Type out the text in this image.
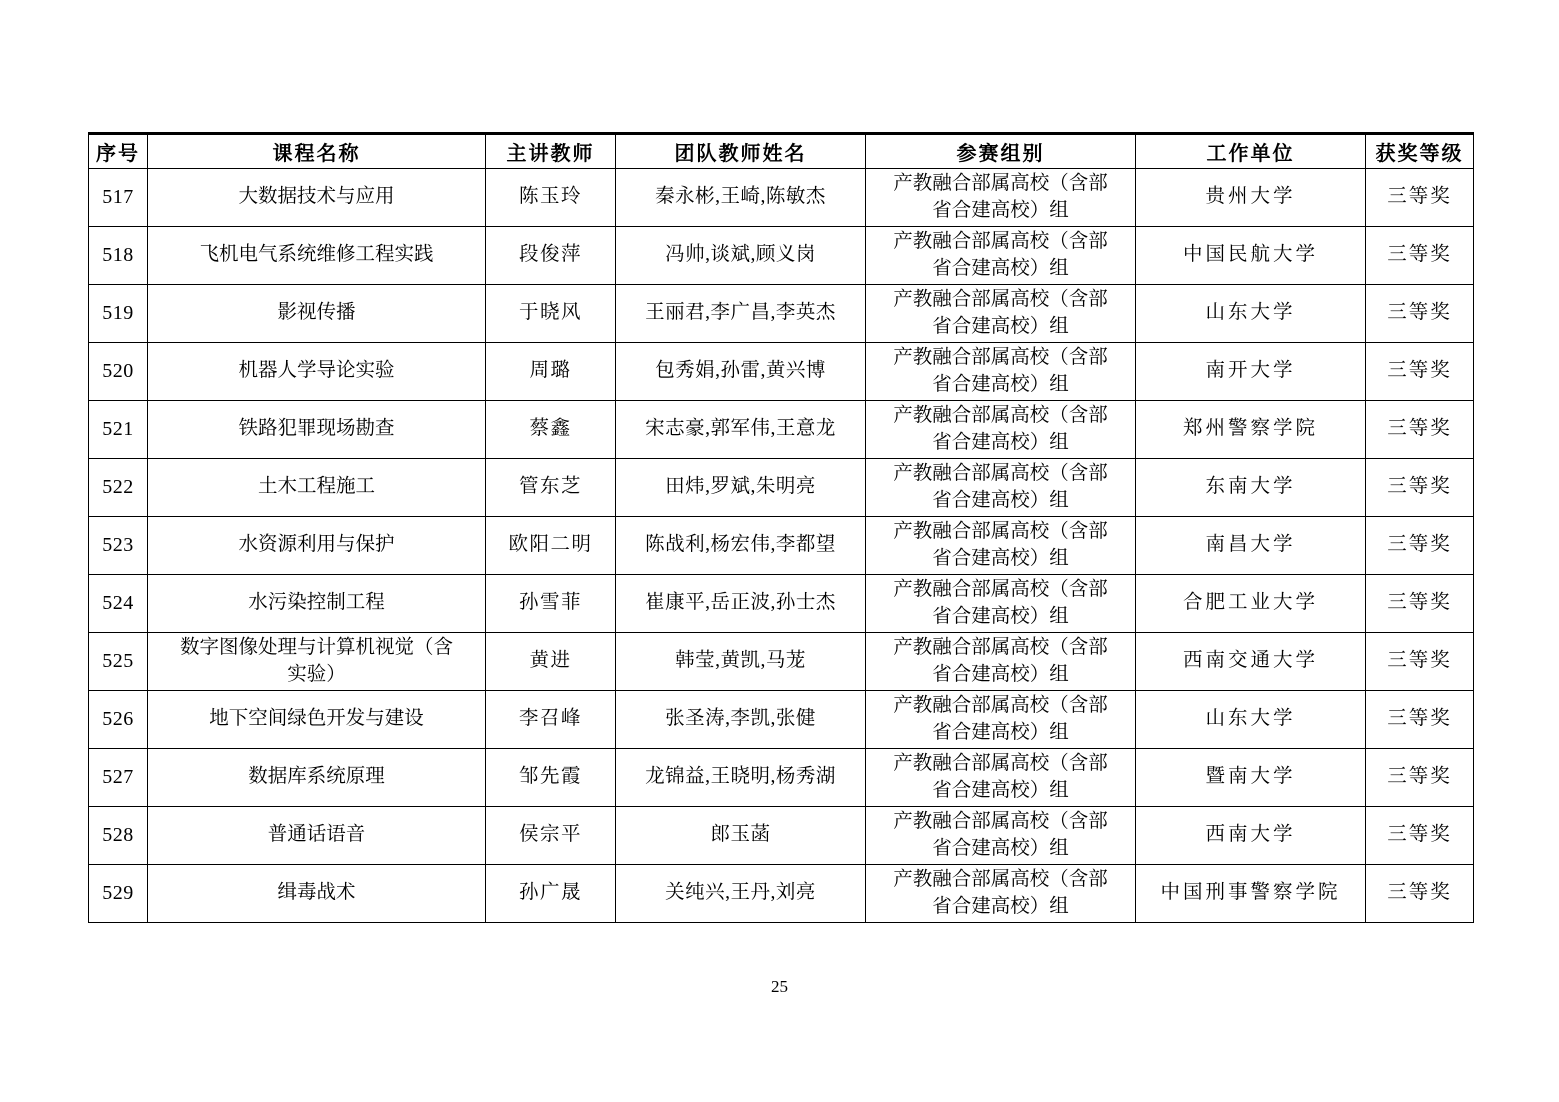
序号	课程名称	主讲教师	团队教师姓名	参赛组别	工作单位	获奖等级
517	大数据技术与应用	陈玉玲	秦永彬,王崎,陈敏杰	产教融合部属高校（含部省合建高校）组	贵州大学	三等奖
518	飞机电气系统维修工程实践	段俊萍	冯帅,谈斌,顾义岗	产教融合部属高校（含部省合建高校）组	中国民航大学	三等奖
519	影视传播	于晓风	王丽君,李广昌,李英杰	产教融合部属高校（含部省合建高校）组	山东大学	三等奖
520	机器人学导论实验	周璐	包秀娟,孙雷,黄兴博	产教融合部属高校（含部省合建高校）组	南开大学	三等奖
521	铁路犯罪现场勘查	蔡鑫	宋志豪,郭军伟,王意龙	产教融合部属高校（含部省合建高校）组	郑州警察学院	三等奖
522	土木工程施工	管东芝	田炜,罗斌,朱明亮	产教融合部属高校（含部省合建高校）组	东南大学	三等奖
523	水资源利用与保护	欧阳二明	陈战利,杨宏伟,李都望	产教融合部属高校（含部省合建高校）组	南昌大学	三等奖
524	水污染控制工程	孙雪菲	崔康平,岳正波,孙士杰	产教融合部属高校（含部省合建高校）组	合肥工业大学	三等奖
525	数字图像处理与计算机视觉（含实验）	黄进	韩莹,黄凯,马茏	产教融合部属高校（含部省合建高校）组	西南交通大学	三等奖
526	地下空间绿色开发与建设	李召峰	张圣涛,李凯,张健	产教融合部属高校（含部省合建高校）组	山东大学	三等奖
527	数据库系统原理	邹先霞	龙锦益,王晓明,杨秀湖	产教融合部属高校（含部省合建高校）组	暨南大学	三等奖
528	普通话语音	侯宗平	郎玉菡	产教融合部属高校（含部省合建高校）组	西南大学	三等奖
529	缉毒战术	孙广晟	关纯兴,王丹,刘亮	产教融合部属高校（含部省合建高校）组	中国刑事警察学院	三等奖
25
